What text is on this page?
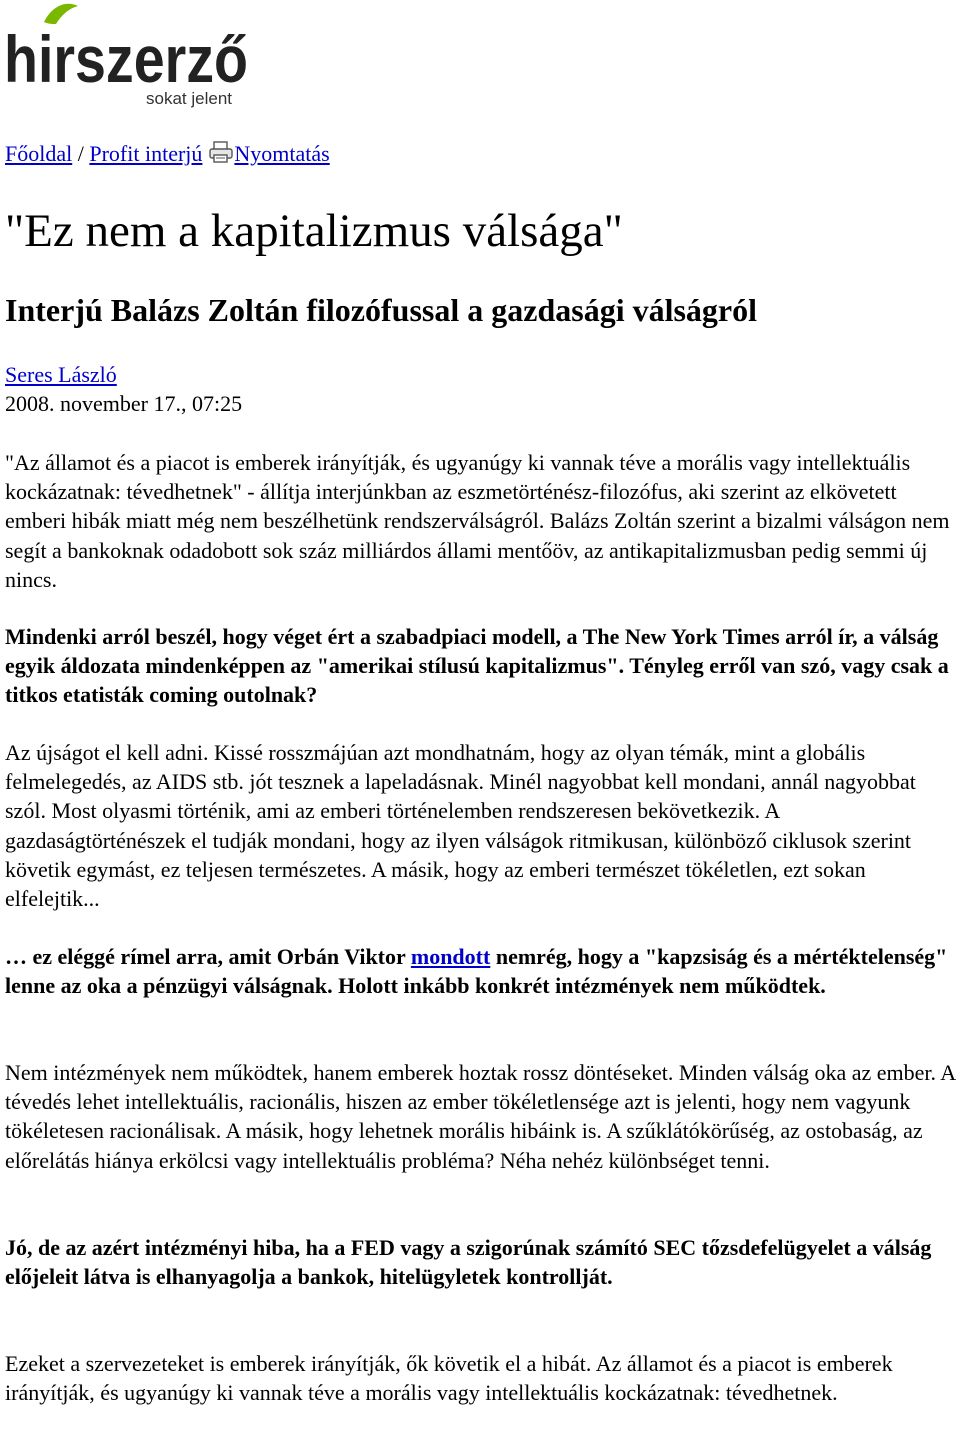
hirszerző
sokat jelent
Főoldal / Profit interjú Nyomtatás
"Ez nem a kapitalizmus válsága"
Interjú Balázs Zoltán filozófussal a gazdasági válságról
Seres László
2008. november 17., 07:25

"Az államot és a piacot is emberek irányítják, és ugyanúgy ki vannak téve a morális vagy intellektuális kockázatnak: tévedhetnek" - állítja interjúnkban az eszmetörténész-filozófus, aki szerint az elkövetett emberi hibák miatt még nem beszélhetünk rendszerválságról. Balázs Zoltán szerint a bizalmi válságon nem segít a bankoknak odadobott sok száz milliárdos állami mentőöv, az antikapitalizmusban pedig semmi új nincs.

Mindenki arról beszél, hogy véget ért a szabadpiaci modell, a The New York Times arról ír, a válság egyik áldozata mindenképpen az "amerikai stílusú kapitalizmus". Tényleg erről van szó, vagy csak a titkos etatisták coming outolnak?

Az újságot el kell adni. Kissé rosszmájúan azt mondhatnám, hogy az olyan témák, mint a globális felmelegedés, az AIDS stb. jót tesznek a lapeladásnak. Minél nagyobbat kell mondani, annál nagyobbat szól. Most olyasmi történik, ami az emberi történelemben rendszeresen bekövetkezik. A gazdaságtörténészek el tudják mondani, hogy az ilyen válságok ritmikusan, különböző ciklusok szerint követik egymást, ez teljesen természetes. A másik, hogy az emberi természet tökéletlen, ezt sokan elfelejtik...

… ez eléggé rímel arra, amit Orbán Viktor mondott nemrég, hogy a "kapzsiság és a mértéktelenség" lenne az oka a pénzügyi válságnak. Holott inkább konkrét intézmények nem működtek.

Nem intézmények nem működtek, hanem emberek hoztak rossz döntéseket. Minden válság oka az ember. A tévedés lehet intellektuális, racionális, hiszen az ember tökéletlensége azt is jelenti, hogy nem vagyunk tökéletesen racionálisak. A másik, hogy lehetnek morális hibáink is. A szűklátókörűség, az ostobaság, az előrelátás hiánya erkölcsi vagy intellektuális probléma? Néha nehéz különbséget tenni.

Jó, de az azért intézményi hiba, ha a FED vagy a szigorúnak számító SEC tőzsdefelügyelet a válság előjeleit látva is elhanyagolja a bankok, hitelügyletek kontrollját.

Ezeket a szervezeteket is emberek irányítják, ők követik el a hibát. Az államot és a piacot is emberek irányítják, és ugyanúgy ki vannak téve a morális vagy intellektuális kockázatnak: tévedhetnek.
